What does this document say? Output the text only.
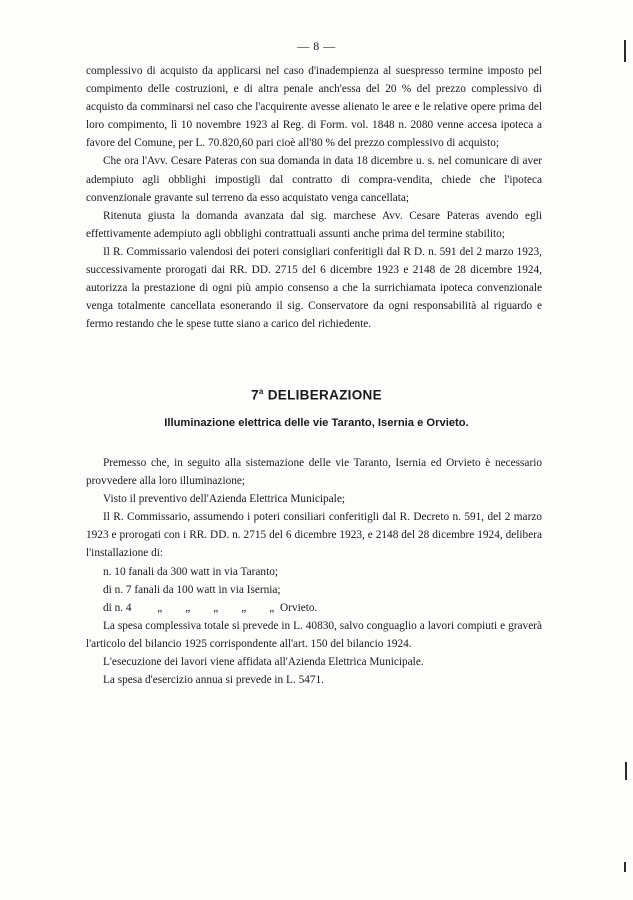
— 8 —

complessivo di acquisto da applicarsi nel caso d'inadempienza al suespresso termine imposto pel compimento delle costruzioni, e di altra penale anch'essa del 20 % del prezzo complessivo di acquisto da comminarsi nel caso che l'acquirente avesse alienato le aree e le relative opere prima del loro compimento, lì 10 novembre 1923 al Reg. di Form. vol. 1848 n. 2080 venne accesa ipoteca a favore del Comune, per L. 70.820,60 pari cioè all'80 % del prezzo complessivo di acquisto;

Che ora l'Avv. Cesare Pateras con sua domanda in data 18 dicembre u. s. nel comunicare di aver adempiuto agli obblighi impostigli dal contratto di compra-vendita, chiede che l'ipoteca convenzionale gravante sul terreno da esso acquistato venga cancellata;

Ritenuta giusta la domanda avanzata dal sig. marchese Avv. Cesare Pateras avendo egli effettivamente adempiuto agli obblighi contrattuali assunti anche prima del termine stabilito;

Il R. Commissario valendosi dei poteri consigliari conferitigli dal R D. n. 591 del 2 marzo 1923, successivamente prorogati dai RR. DD. 2715 del 6 dicembre 1923 e 2148 de 28 dicembre 1924, autorizza la prestazione di ogni più ampio consenso a che la surrichiamata ipoteca convenzionale venga totalmente cancellata esonerando il sig. Conservatore da ogni responsabilità al riguardo e fermo restando che le spese tutte siano a carico del richiedente.

7$^a$ DELIBERAZIONE
Illuminazione elettrica delle vie Taranto, Isernia e Orvieto.

Premesso che, in seguito alla sistemazione delle vie Taranto, Isernia ed Orvieto è necessario provvedere alla loro illuminazione;

Visto il preventivo dell'Azienda Elettrica Municipale;

Il R. Commissario, assumendo i poteri consiliari conferitigli dal R. Decreto n. 591, del 2 marzo 1923 e prorogati con i RR. DD. n. 2715 del 6 dicembre 1923, e 2148 del 28 dicembre 1924, delibera l'installazione di:

n. 10 fanali da 300 watt in via Taranto;

di n. 7 fanali da 100 watt in via Isernia;

di n. 4 „ „ „ „ „ Orvieto.

La spesa complessiva totale si prevede in L. 40830, salvo conguaglio a lavori compiuti e graverà l'articolo del bilancio 1925 corrispondente all'art. 150 del bilancio 1924.

L'esecuzione dei lavori viene affidata all'Azienda Elettrica Municipale.

La spesa d'esercizio annua si prevede in L. 5471.
